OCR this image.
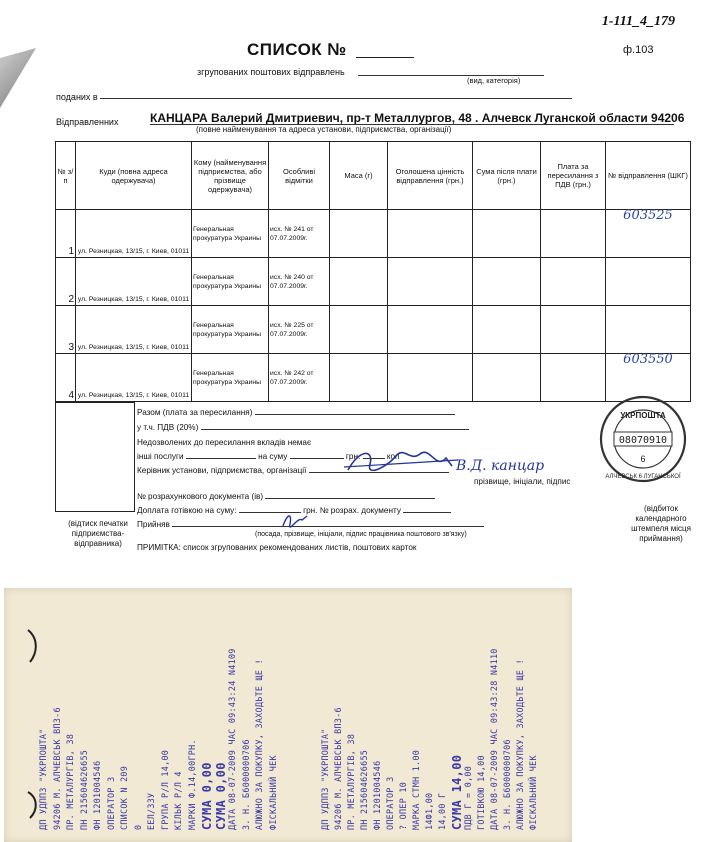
1-111_4_179
СПИСОК №	ф.103
згрупованих поштових відправлень
(вид, категорія)
поданих в
Відправленних	КАНЦАРА Валерий Дмитриевич, пр-т Металлургов, 48 . Алчевск Луганской области 94206
(повне найменування та адреса установи, підприємства, організації)
№ з/п	Куди (повна адреса одержувача)	Кому (найменування підприємства, або прізвище одержувача)	Особливі відмітки	Маса (г)	Оголошена цінність відправлення (грн.)	Сума після плати (грн.)	Плата за пересилання з ПДВ (грн.)	№ відправлення (ШКГ)
1	ул. Резницкая, 13/15, г. Киев, 01011	Генеральная прокуратура Украины	исх. № 241 от 07.07.2009г.					603525
2	ул. Резницкая, 13/15, г. Киев, 01011	Генеральная прокуратура Украины	исх. № 240 от 07.07.2009г.					
3	ул. Резницкая, 13/15, г. Киев, 01011	Генеральная прокуратура Украины	исх. № 225 от 07.07.2009г.					
4	ул. Резницкая, 13/15, г. Киев, 01011	Генеральная прокуратура Украины	исх. № 242 от 07.07.2009г.					603550
Разом (плата за пересилання)
у т.ч. ПДВ (20%)
Недозволених до пересилання вкладів немає
інші послуги	на суму	грн.	коп
Керівник установи, підприємства, організації
прізвище, ініціали, підпис
№ розрахункового документа (ів)
Доплата готівкою на суму:	грн. № розрах. документу
Прийняв
(посада, прізвище, ініціали, підпис працівника поштового зв'язку)
ПРИМІТКА: список згрупованих рекомендованих листів, поштових карток
(відтиск печатки підприємства-відправника)
(відбиток календарного штемпеля місця приймання)
В.Д. канцар
УКРПОШТА
08070910
6
АЛЧЕВСЬК 6 ЛУГАНСЬКОЇ
ДП УДППЗ "УКРПОШТА" 94206 М. АЛЧЕВСЬК ВПЗ-6 ПР. МЕТАЛУРГІВ, 38 ПН 215604626655 ФН 1201004546 ОПЕРАТОР 3 СПИСОК N 209 0 ЕЕЛ/ЗЗУ ГРУПА Р/Л 14,00 КІЛЬК Р/Л 4 МАРКИ Ф.14,00ГРН. СУМА 0,00 СУМА 0,00 ДАТА 08-07-2009 ЧАС 09:43:24 N4109 З. Н. Б6000000706 АЛЮЖНО ЗА ПОКУПКУ, ЗАХОДЬТЕ ЩЕ ! ФІСКАЛЬНИЙ ЧЕК	ДП УДППЗ "УКРПОШТА" 94206 М. АЛЧЕВСЬК ВПЗ-6 ПР. МЕТАЛУРГІВ, 38 ПН 215604626655 ФН 1201004546 ОПЕРАТОР 3 ? ОПЕР 10 МАРКА СТМН 1.00 14Ф1,00 14,00 Г СУМА 14,00 ПДВ Г = 0,00 ГОТІВКОЮ 14,00 ДАТА 08-07-2009 ЧАС 09:43:28 N4110 З. Н. Б6000000706 АЛЮЖНО ЗА ПОКУПКУ, ЗАХОДЬТЕ ЩЕ ! ФІСКАЛЬНИЙ ЧЕК
